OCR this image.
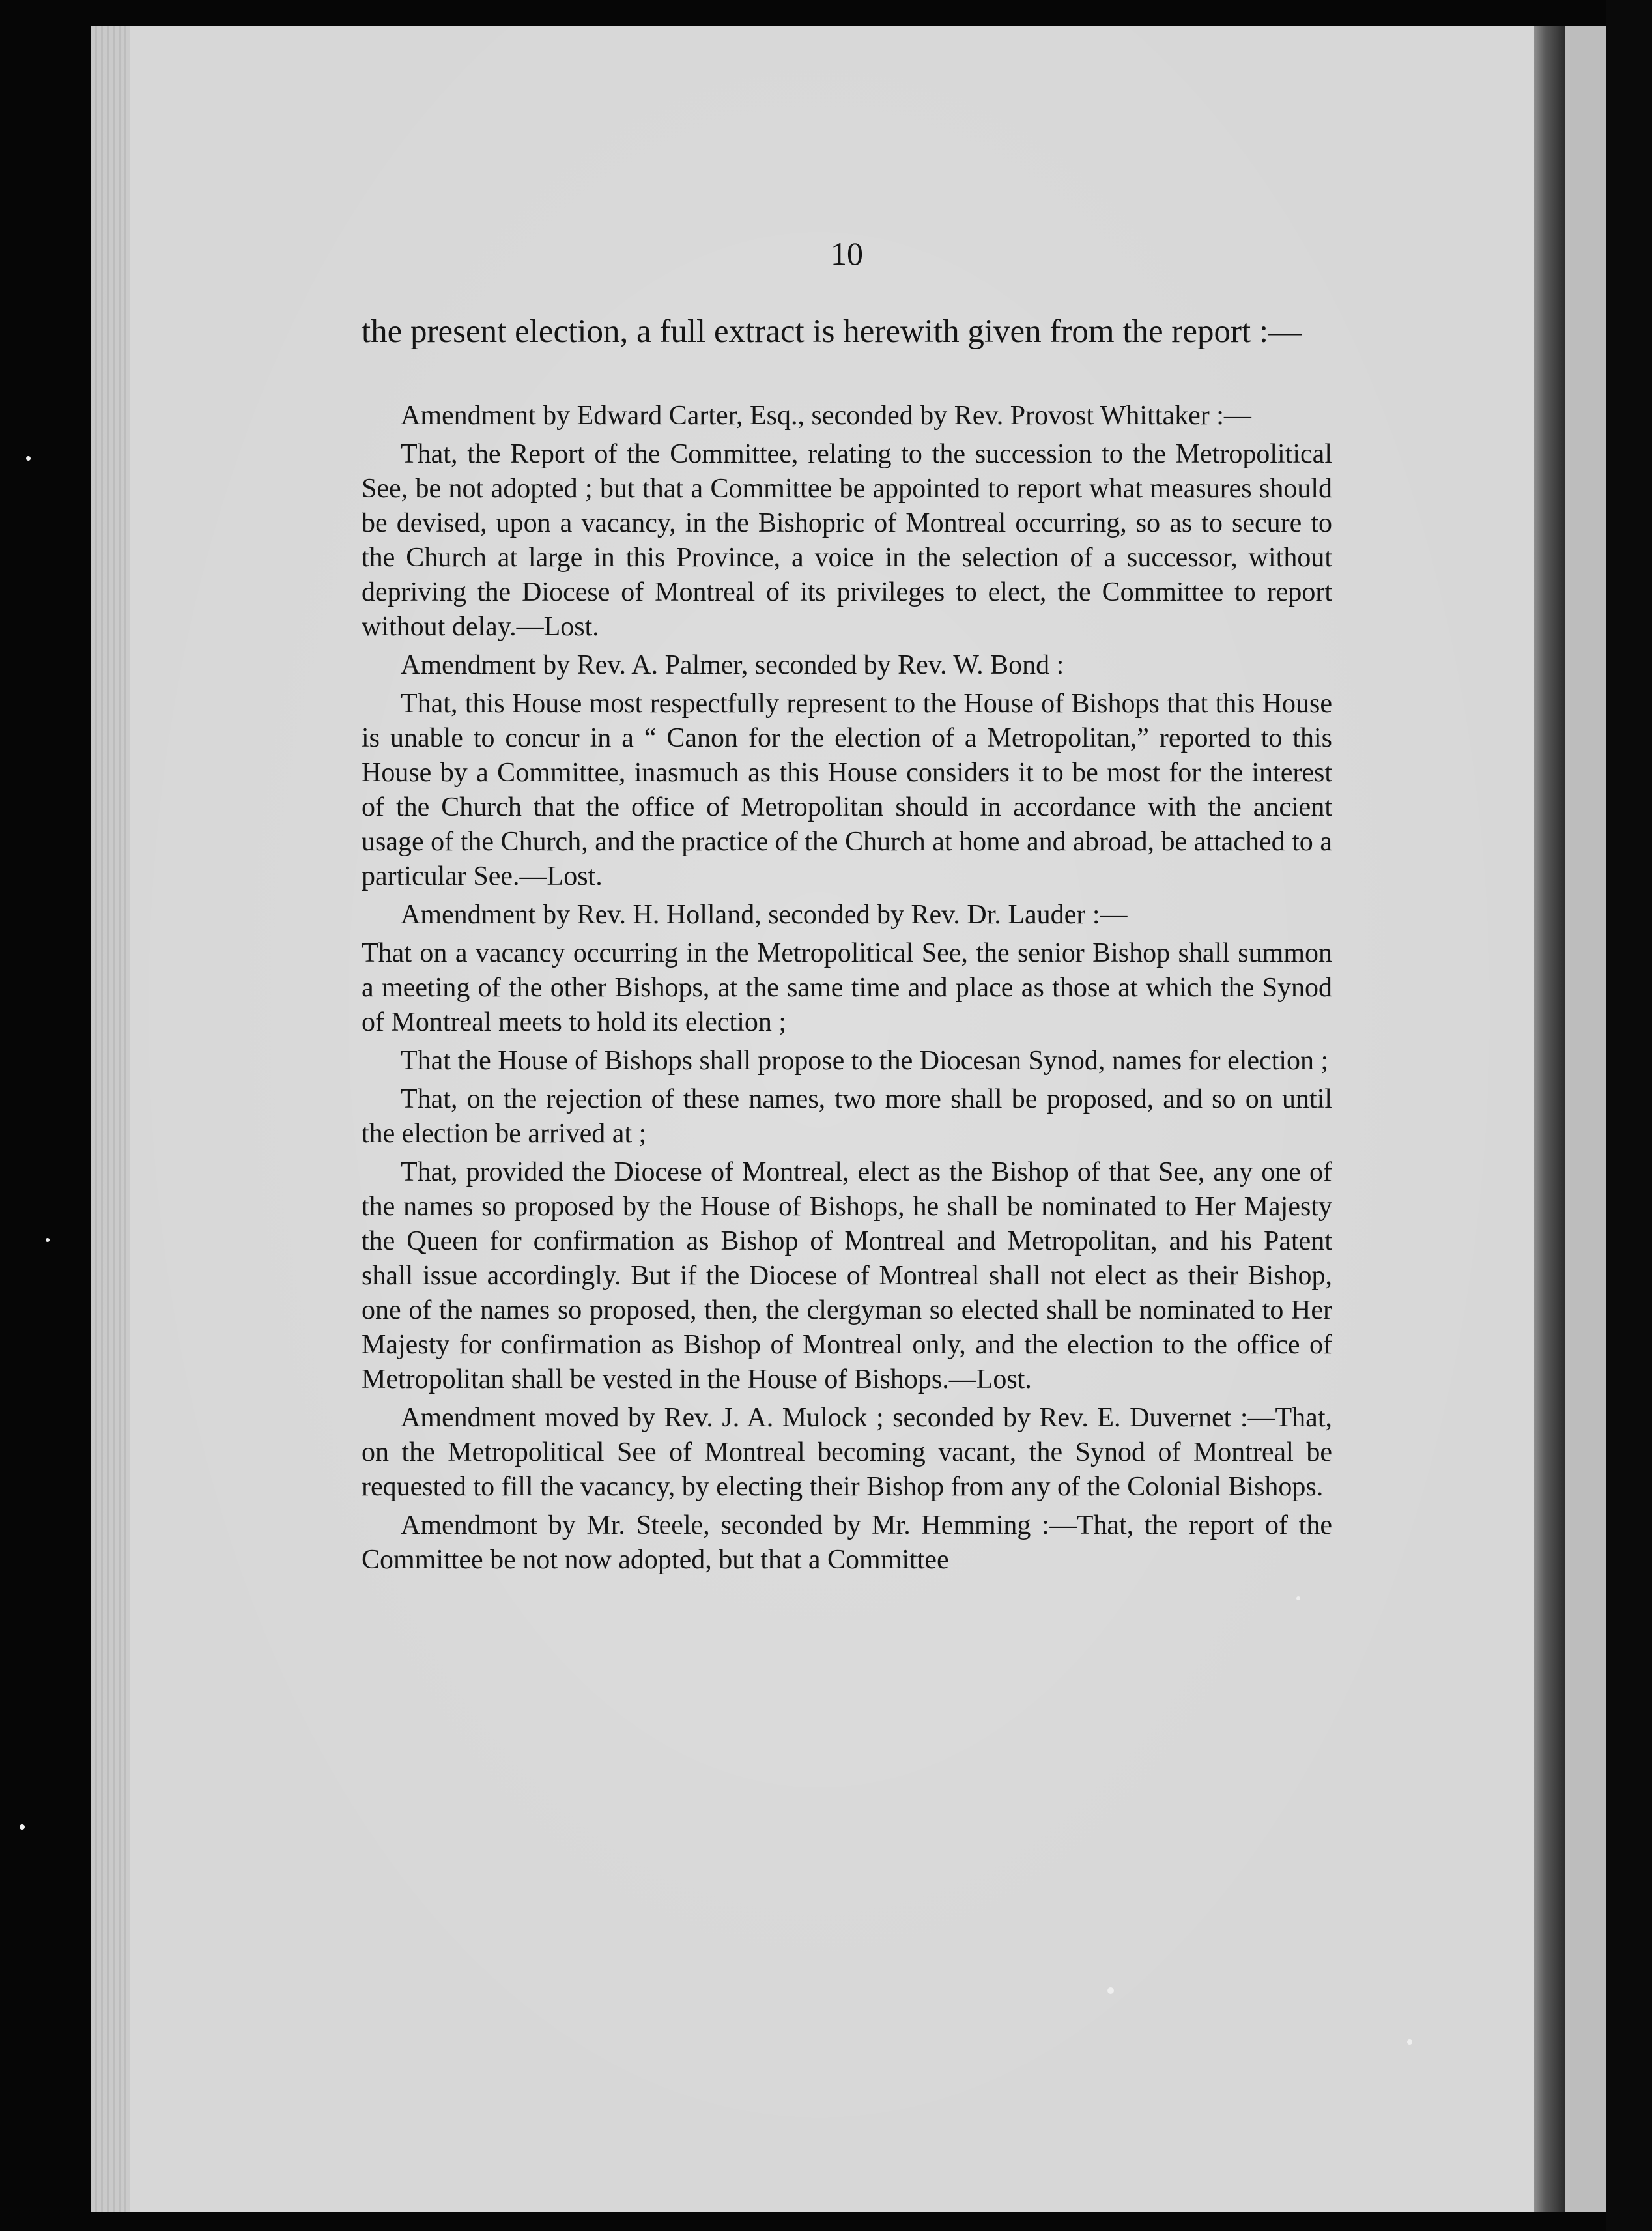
10

the present election, a full extract is herewith given from the report :—

Amendment by Edward Carter, Esq., seconded by Rev. Provost Whittaker :—

That, the Report of the Committee, relating to the succession to the Metropolitical See, be not adopted ; but that a Committee be appointed to report what measures should be devised, upon a vacancy, in the Bishopric of Montreal occurring, so as to secure to the Church at large in this Province, a voice in the selection of a successor, without depriving the Diocese of Montreal of its privileges to elect, the Committee to report without delay.—Lost.

Amendment by Rev. A. Palmer, seconded by Rev. W. Bond :

That, this House most respectfully represent to the House of Bishops that this House is unable to concur in a “ Canon for the election of a Metropolitan,” reported to this House by a Committee, inasmuch as this House considers it to be most for the interest of the Church that the office of Metropolitan should in accordance with the ancient usage of the Church, and the practice of the Church at home and abroad, be attached to a particular See.—Lost.

Amendment by Rev. H. Holland, seconded by Rev. Dr. Lauder :—

That on a vacancy occurring in the Metropolitical See, the senior Bishop shall summon a meeting of the other Bishops, at the same time and place as those at which the Synod of Montreal meets to hold its election ;

That the House of Bishops shall propose to the Diocesan Synod, names for election ;

That, on the rejection of these names, two more shall be proposed, and so on until the election be arrived at ;

That, provided the Diocese of Montreal, elect as the Bishop of that See, any one of the names so proposed by the House of Bishops, he shall be nominated to Her Majesty the Queen for confirmation as Bishop of Montreal and Metropolitan, and his Patent shall issue accordingly. But if the Diocese of Montreal shall not elect as their Bishop, one of the names so proposed, then, the clergyman so elected shall be nominated to Her Majesty for confirmation as Bishop of Montreal only, and the election to the office of Metropolitan shall be vested in the House of Bishops.—Lost.

Amendment moved by Rev. J. A. Mulock ; seconded by Rev. E. Duvernet :—That, on the Metropolitical See of Montreal becoming vacant, the Synod of Montreal be requested to fill the vacancy, by electing their Bishop from any of the Colonial Bishops.

Amendmont by Mr. Steele, seconded by Mr. Hemming :—That, the report of the Committee be not now adopted, but that a Committee
